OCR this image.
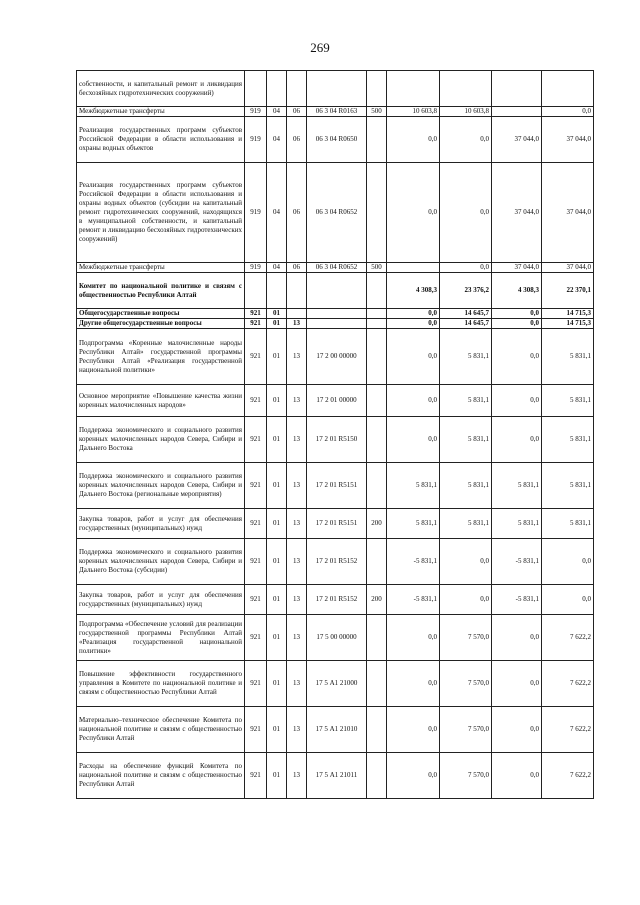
269
собственности, и капитальный ремонт и ликвидация бесхозяйных гидротехнических сооружений)									
Межбюджетные трансферты	919	04	06	06 3 04 R0163	500	10 603,8	10 603,8		0,0
Реализация государственных программ субъектов Российской Федерации в области использования и охраны водных объектов	919	04	06	06 3 04 R0650		0,0	0,0	37 044,0	37 044,0
Реализация государственных программ субъектов Российской Федерации в области использования и охраны водных объектов (субсидии на капитальный ремонт гидротехнических сооружений, находящихся в муниципальной собственности, и капитальный ремонт и ликвидацию бесхозяйных гидротехнических сооружений)	919	04	06	06 3 04 R0652		0,0	0,0	37 044,0	37 044,0
Межбюджетные трансферты	919	04	06	06 3 04 R0652	500		0,0	37 044,0	37 044,0
Комитет по национальной политике и связям с общественностью Республики Алтай						4 308,3	23 376,2	4 308,3	22 370,1
Общегосударственные вопросы	921	01				0,0	14 645,7	0,0	14 715,3
Другие общегосударственные вопросы	921	01	13			0,0	14 645,7	0,0	14 715,3
Подпрограмма «Коренные малочисленные народы Республики Алтай» государственной программы Республики Алтай «Реализация государственной национальной политики»	921	01	13	17 2 00 00000		0,0	5 831,1	0,0	5 831,1
Основное мероприятие «Повышение качества жизни коренных малочисленных народов»	921	01	13	17 2 01 00000		0,0	5 831,1	0,0	5 831,1
Поддержка экономического и социального развития коренных малочисленных народов Севера, Сибири и Дальнего Востока	921	01	13	17 2 01 R5150		0,0	5 831,1	0,0	5 831,1
Поддержка экономического и социального развития коренных малочисленных народов Севера, Сибири и Дальнего Востока (региональные мероприятия)	921	01	13	17 2 01 R5151		5 831,1	5 831,1	5 831,1	5 831,1
Закупка товаров, работ и услуг для обеспечения государственных (муниципальных) нужд	921	01	13	17 2 01 R5151	200	5 831,1	5 831,1	5 831,1	5 831,1
Поддержка экономического и социального развития коренных малочисленных народов Севера, Сибири и Дальнего Востока (субсидии)	921	01	13	17 2 01 R5152		-5 831,1	0,0	-5 831,1	0,0
Закупка товаров, работ и услуг для обеспечения государственных (муниципальных) нужд	921	01	13	17 2 01 R5152	200	-5 831,1	0,0	-5 831,1	0,0
Подпрограмма «Обеспечение условий для реализации государственной программы Республики Алтай «Реализация государственной национальной политики»	921	01	13	17 5 00 00000		0,0	7 570,0	0,0	7 622,2
Повышение эффективности государственного управления в Комитете по национальной политике и связям с общественностью Республики Алтай	921	01	13	17 5 А1 21000		0,0	7 570,0	0,0	7 622,2
Материально–техническое обеспечение Комитета по национальной политике и связям с общественностью Республики Алтай	921	01	13	17 5 А1 21010		0,0	7 570,0	0,0	7 622,2
Расходы на обеспечение функций Комитета по национальной политике и связям с общественностью Республики Алтай	921	01	13	17 5 А1 21011		0,0	7 570,0	0,0	7 622,2
